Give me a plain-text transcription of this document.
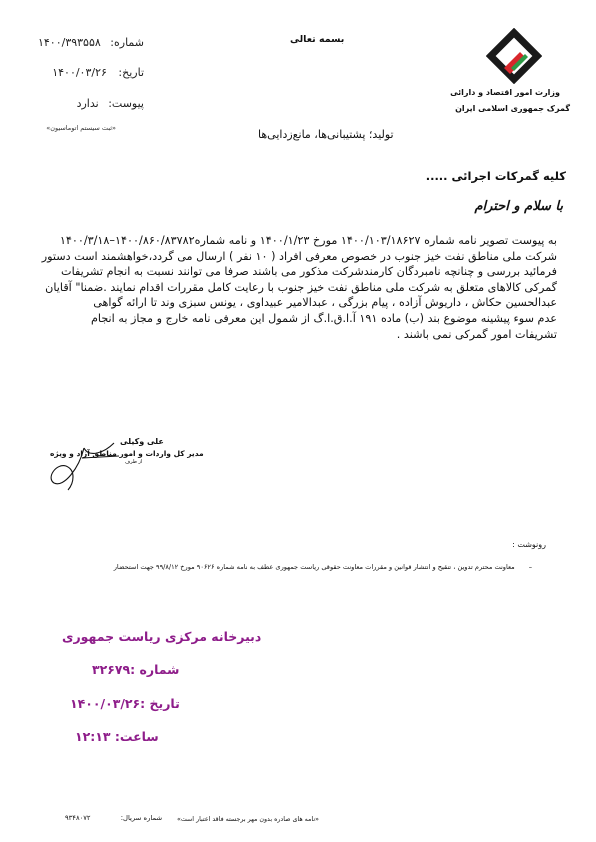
شماره: ۱۴۰۰/۳۹۳۵۵۸
تاریخ: ۱۴۰۰/۰۳/۲۶
پیوست: ندارد
«ثبت سیستم اتوماسیون»
بسمه تعالی
وزارت امور اقتصاد و دارائی
گمرک جمهوری اسلامی ایران
تولید؛ پشتیبانی‌ها، مانع‌زدایی‌ها
کلیه گمرکات اجرائی .....
با سلام و احترام
به پیوست تصویر نامه شماره ۱۴۰۰/۱۰۳/۱۸۶۲۷ مورخ ۱۴۰۰/۱/۲۳ و نامه شماره۱۴۰۰/۸۶۰/۸۳۷۸۲–۱۴۰۰/۳/۱۸
شرکت ملی مناطق نفت خیز جنوب در خصوص معرفی افراد ( ۱۰ نفر ) ارسال می گردد،خواهشمند است دستور
فرمائید بررسی و چنانچه نامبردگان کارمندشرکت مذکور می باشند صرفا می توانند نسبت به انجام تشریفات
گمرکی کالاهای متعلق به شرکت ملی مناطق نفت خیز جنوب با رعایت کامل مقررات اقدام نمایند .ضمنا" آقایان
عبدالحسین حکاش ، داریوش آزاده ، پیام بزرگی ، عبدالامیر عبیداوی ، یونس سبزی وند تا ارائه گواهی
عدم سوء پیشینه موضوع بند (ب) ماده ۱۹۱ آ.ا.ق.ا.گ از شمول این معرفی نامه خارج و مجاز به انجام
تشریفات امور گمرکی نمی باشند .
علی وکیلی
مدیر کل واردات و امور مناطق آزاد و ویژه
از طرف
رونوشت :
–معاونت محترم تدوین ، تنقیح و انتشار قوانین و مقررات معاونت حقوقی ریاست جمهوری عطف به نامه شماره ۹۰۶۲۶ مورخ ۹۹/۸/۱۲ جهت استحضار
دبیرخانه مرکزی ریاست جمهوری
شماره :۳۲۶۷۹
تاریخ :۱۴۰۰/۰۳/۲۶
ساعت: ۱۲:۱۳
«نامه های صادره بدون مهر برجسته فاقد اعتبار است»
شماره سریال: ۹۳۴۸۰۷۲
